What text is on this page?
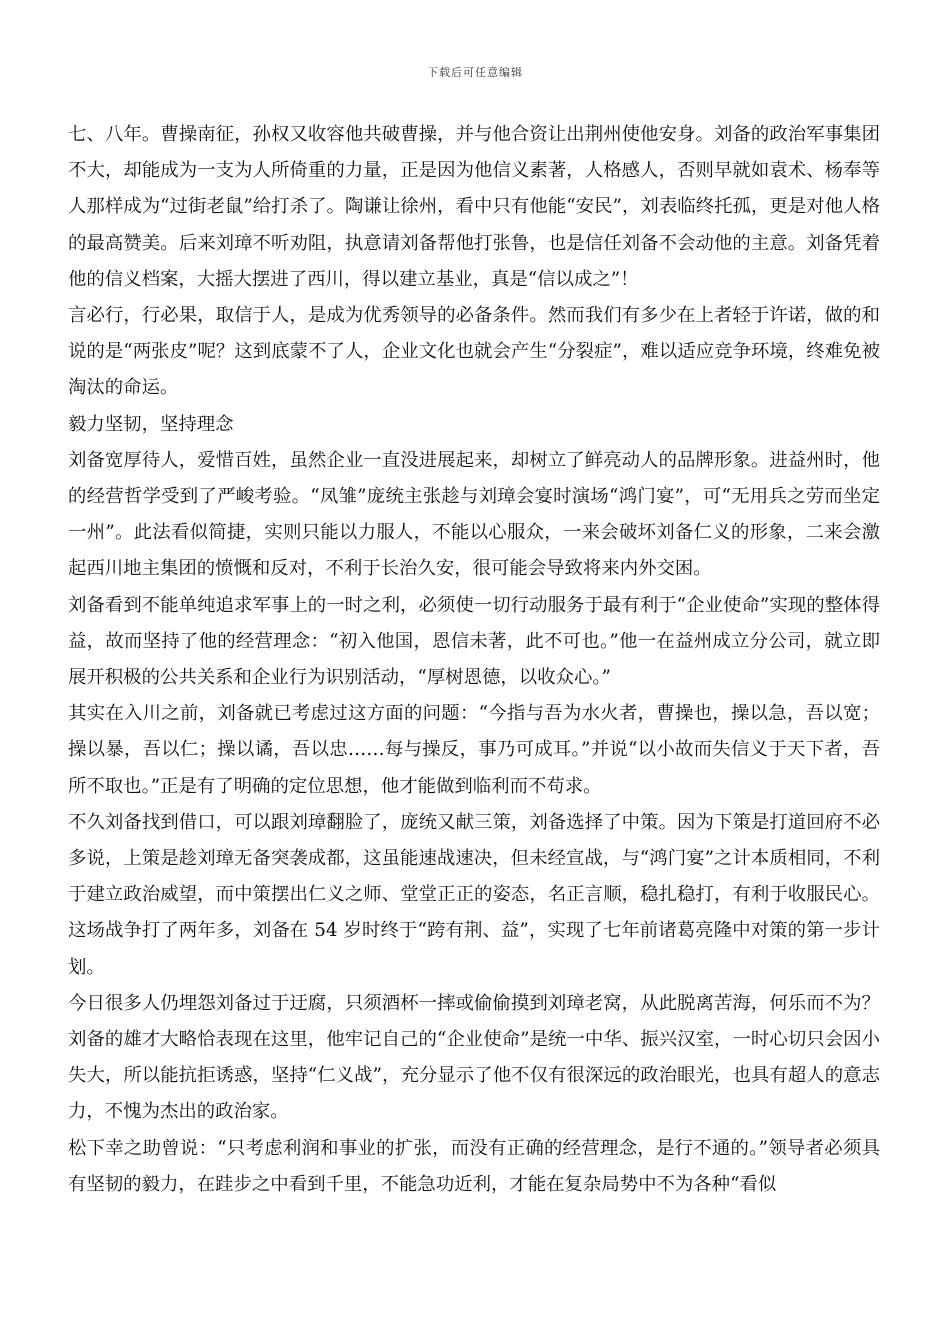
下载后可任意编辑

七、八年。曹操南征，孙权又收容他共破曹操，并与他合资让出荆州使他安身。刘备的政治军事集团不大，却能成为一支为人所倚重的力量，正是因为他信义素著，人格感人，否则早就如袁术、杨奉等人那样成为“过街老鼠”给打杀了。陶谦让徐州，看中只有他能“安民”，刘表临终托孤，更是对他人格的最高赞美。后来刘璋不听劝阻，执意请刘备帮他打张鲁，也是信任刘备不会动他的主意。刘备凭着他的信义档案，大摇大摆进了西川，得以建立基业，真是“信以成之”！

言必行，行必果，取信于人，是成为优秀领导的必备条件。然而我们有多少在上者轻于许诺，做的和说的是“两张皮”呢？这到底蒙不了人，企业文化也就会产生“分裂症”，难以适应竞争环境，终难免被淘汰的命运。

毅力坚韧，坚持理念

刘备宽厚待人，爱惜百姓，虽然企业一直没进展起来，却树立了鲜亮动人的品牌形象。进益州时，他的经营哲学受到了严峻考验。“凤雏”庞统主张趁与刘璋会宴时演场“鸿门宴”，可“无用兵之劳而坐定一州”。此法看似简捷，实则只能以力服人，不能以心服众，一来会破坏刘备仁义的形象，二来会激起西川地主集团的愤慨和反对，不利于长治久安，很可能会导致将来内外交困。

刘备看到不能单纯追求军事上的一时之利，必须使一切行动服务于最有利于“企业使命”实现的整体得益，故而坚持了他的经营理念：“初入他国，恩信未著，此不可也。”他一在益州成立分公司，就立即展开积极的公共关系和企业行为识别活动，“厚树恩德，以收众心。”

其实在入川之前，刘备就已考虑过这方面的问题：“今指与吾为水火者，曹操也，操以急，吾以宽；操以暴，吾以仁；操以谲，吾以忠……每与操反，事乃可成耳。”并说“以小故而失信义于天下者，吾所不取也。”正是有了明确的定位思想，他才能做到临利而不苟求。

不久刘备找到借口，可以跟刘璋翻脸了，庞统又献三策，刘备选择了中策。因为下策是打道回府不必多说，上策是趁刘璋无备突袭成都，这虽能速战速决，但未经宣战，与“鸿门宴”之计本质相同，不利于建立政治威望，而中策摆出仁义之师、堂堂正正的姿态，名正言顺，稳扎稳打，有利于收服民心。这场战争打了两年多，刘备在 54 岁时终于“跨有荆、益”，实现了七年前诸葛亮隆中对策的第一步计划。

今日很多人仍埋怨刘备过于迂腐，只须酒杯一摔或偷偷摸到刘璋老窝，从此脱离苦海，何乐而不为？刘备的雄才大略恰表现在这里，他牢记自己的“企业使命”是统一中华、振兴汉室，一时心切只会因小失大，所以能抗拒诱惑，坚持“仁义战”，充分显示了他不仅有很深远的政治眼光，也具有超人的意志力，不愧为杰出的政治家。

松下幸之助曾说：“只考虑利润和事业的扩张，而没有正确的经营理念，是行不通的。”领导者必须具有坚韧的毅力，在跬步之中看到千里，不能急功近利，才能在复杂局势中不为各种“看似
